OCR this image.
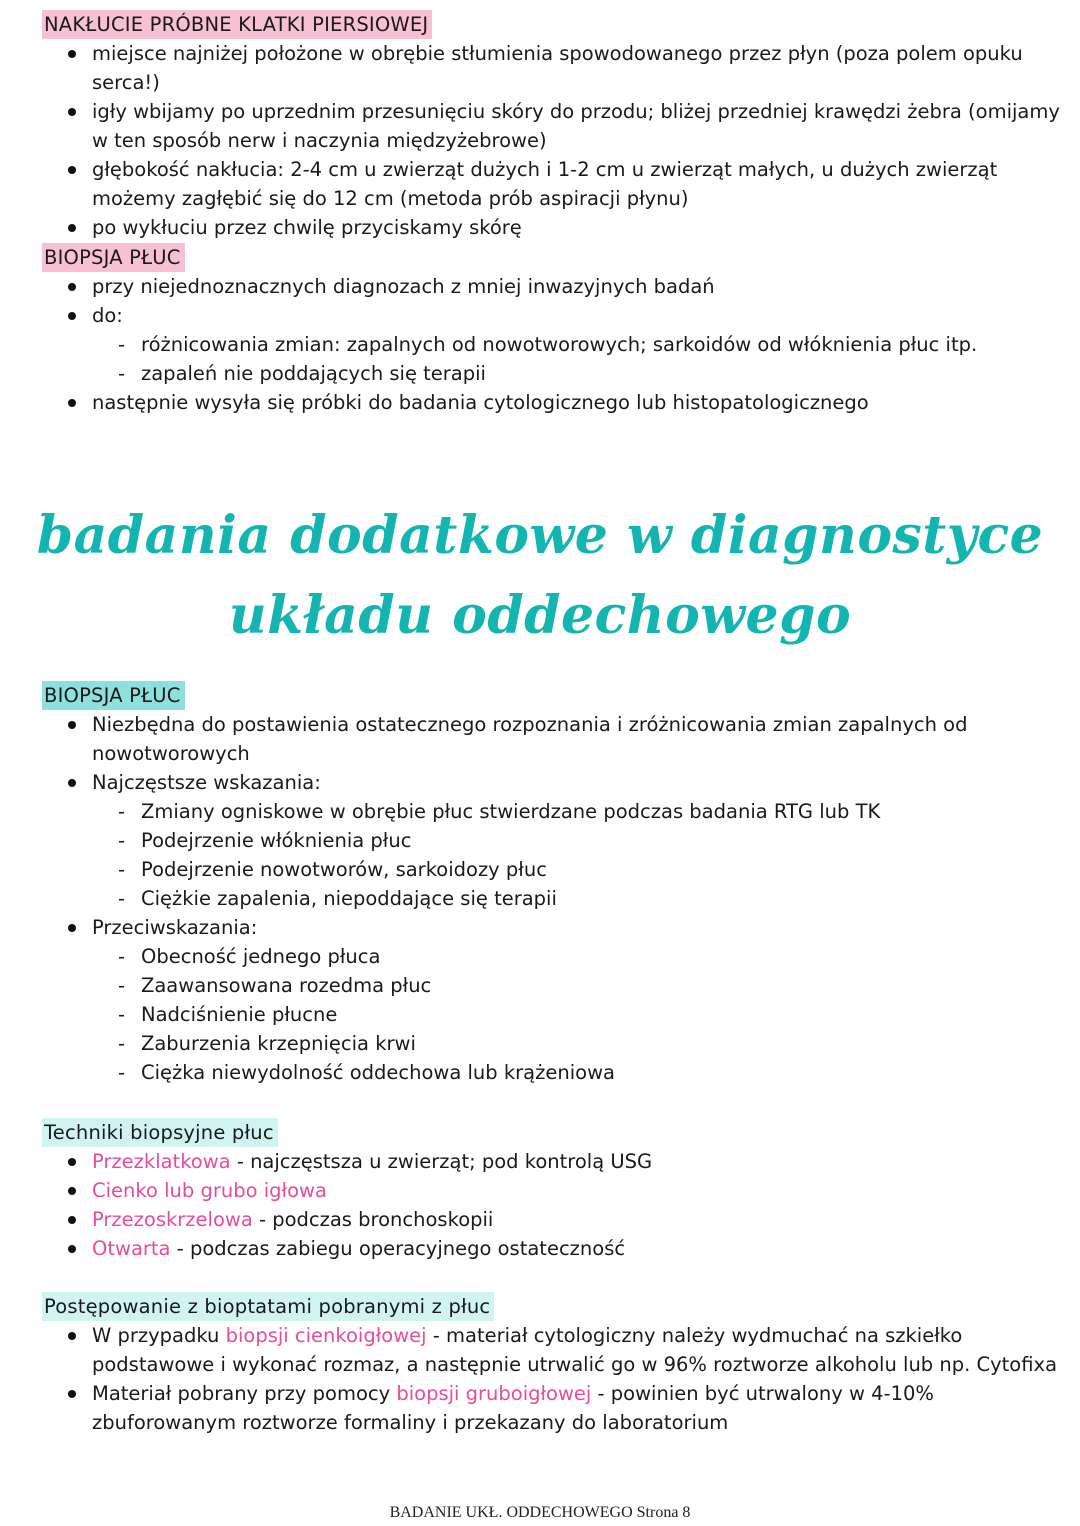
NAKŁUCIE PRÓBNE KLATKI PIERSIOWEJ
miejsce najniżej położone w obrębie stłumienia spowodowanego przez płyn (poza polem opuku serca!)
igły wbijamy po uprzednim przesunięciu skóry do przodu; bliżej przedniej krawędzi żebra (omijamy w ten sposób nerw i naczynia międzyżebrowe)
głębokość nakłucia: 2-4 cm u zwierząt dużych i 1-2 cm u zwierząt małych, u dużych zwierząt możemy zagłębić się do 12 cm (metoda prób aspiracji płynu)
po wykłuciu przez chwilę przyciskamy skórę
BIOPSJA PŁUC
przy niejednoznacznych diagnozach z mniej inwazyjnych badań
do:
- różnicowania zmian: zapalnych od nowotworowych; sarkoidów od włóknienia płuc itp.
- zapaleń nie poddających się terapii
następnie wysyła się próbki do badania cytologicznego lub histopatologicznego
badania dodatkowe w diagnostyce
układu oddechowego
BIOPSJA PŁUC
Niezbędna do postawienia ostatecznego rozpoznania i zróżnicowania zmian zapalnych od nowotworowych
Najczęstsze wskazania:
- Zmiany ogniskowe w obrębie płuc stwierdzane podczas badania RTG lub TK
- Podejrzenie włóknienia płuc
- Podejrzenie nowotworów, sarkoidozy płuc
- Ciężkie zapalenia, niepoddające się terapii
Przeciwskazania:
- Obecność jednego płuca
- Zaawansowana rozedma płuc
- Nadciśnienie płucne
- Zaburzenia krzepnięcia krwi
- Ciężka niewydolność oddechowa lub krążeniowa
Techniki biopsyjne płuc
Przezklatkowa - najczęstsza u zwierząt; pod kontrolą USG
Cienko lub grubo igłowa
Przezoskrzelowa - podczas bronchoskopii
Otwarta - podczas zabiegu operacyjnego ostateczność
Postępowanie z bioptatami pobranymi z płuc
W przypadku biopsji cienkoigłowej - materiał cytologiczny należy wydmuchać na szkiełko podstawowe i wykonać rozmaz, a następnie utrwalić go w 96% roztworze alkoholu lub np. Cytofixa
Materiał pobrany przy pomocy biopsji gruboigłowej - powinien być utrwalony w 4-10% zbuforowanym roztworze formaliny i przekazany do laboratorium
BADANIE UKŁ. ODDECHOWEGO Strona 8
